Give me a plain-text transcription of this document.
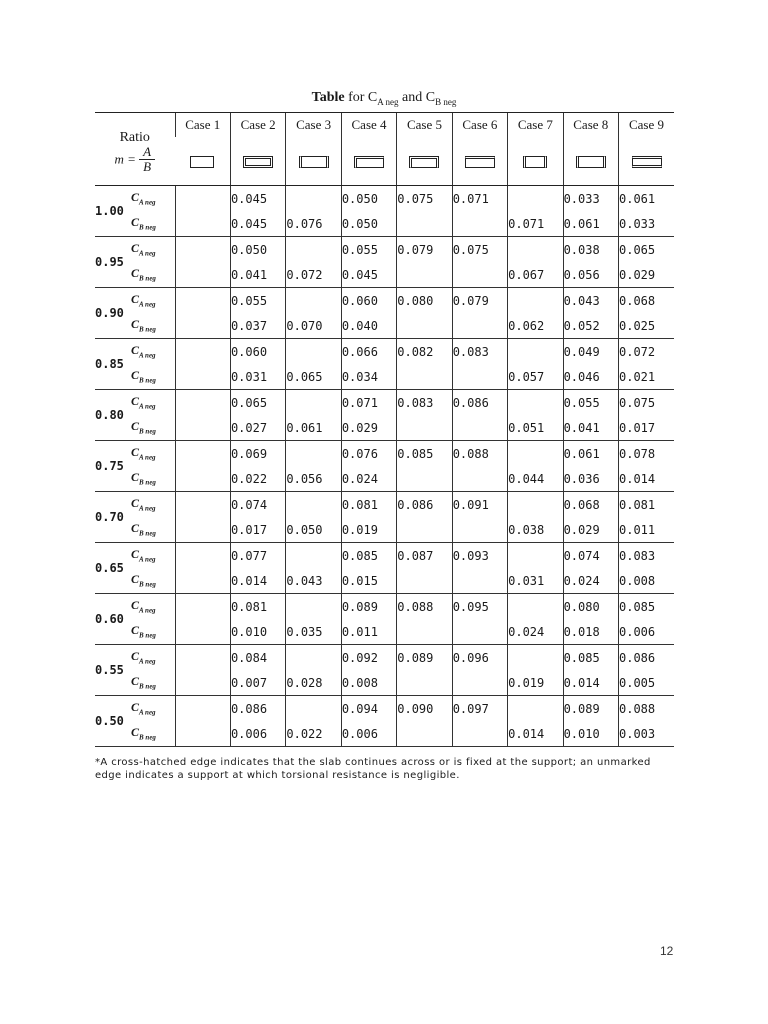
Table for $C_{A neg}$ and $C_{B neg}$
Ratio
$m = \frac{A}{B}$		Case 1	Case 2	Case 3	Case 4	Case 5	Case 6	Case 7	Case 8	Case 9

1.00	$C_{A neg}$		0.045		0.050	0.075	0.071		0.033	0.061
	$C_{B neg}$		0.045	0.076	0.050			0.071	0.061	0.033
0.95	$C_{A neg}$		0.050		0.055	0.079	0.075		0.038	0.065
	$C_{B neg}$		0.041	0.072	0.045			0.067	0.056	0.029
0.90	$C_{A neg}$		0.055		0.060	0.080	0.079		0.043	0.068
	$C_{B neg}$		0.037	0.070	0.040			0.062	0.052	0.025
0.85	$C_{A neg}$		0.060		0.066	0.082	0.083		0.049	0.072
	$C_{B neg}$		0.031	0.065	0.034			0.057	0.046	0.021
0.80	$C_{A neg}$		0.065		0.071	0.083	0.086		0.055	0.075
	$C_{B neg}$		0.027	0.061	0.029			0.051	0.041	0.017
0.75	$C_{A neg}$		0.069		0.076	0.085	0.088		0.061	0.078
	$C_{B neg}$		0.022	0.056	0.024			0.044	0.036	0.014
0.70	$C_{A neg}$		0.074		0.081	0.086	0.091		0.068	0.081
	$C_{B neg}$		0.017	0.050	0.019			0.038	0.029	0.011
0.65	$C_{A neg}$		0.077		0.085	0.087	0.093		0.074	0.083
	$C_{B neg}$		0.014	0.043	0.015			0.031	0.024	0.008
0.60	$C_{A neg}$		0.081		0.089	0.088	0.095		0.080	0.085
	$C_{B neg}$		0.010	0.035	0.011			0.024	0.018	0.006
0.55	$C_{A neg}$		0.084		0.092	0.089	0.096		0.085	0.086
	$C_{B neg}$		0.007	0.028	0.008			0.019	0.014	0.005
0.50	$C_{A neg}$		0.086		0.094	0.090	0.097		0.089	0.088
	$C_{B neg}$		0.006	0.022	0.006			0.014	0.010	0.003
*A cross-hatched edge indicates that the slab continues across or is fixed at the support; an unmarked edge indicates a support at which torsional resistance is negligible.
12
